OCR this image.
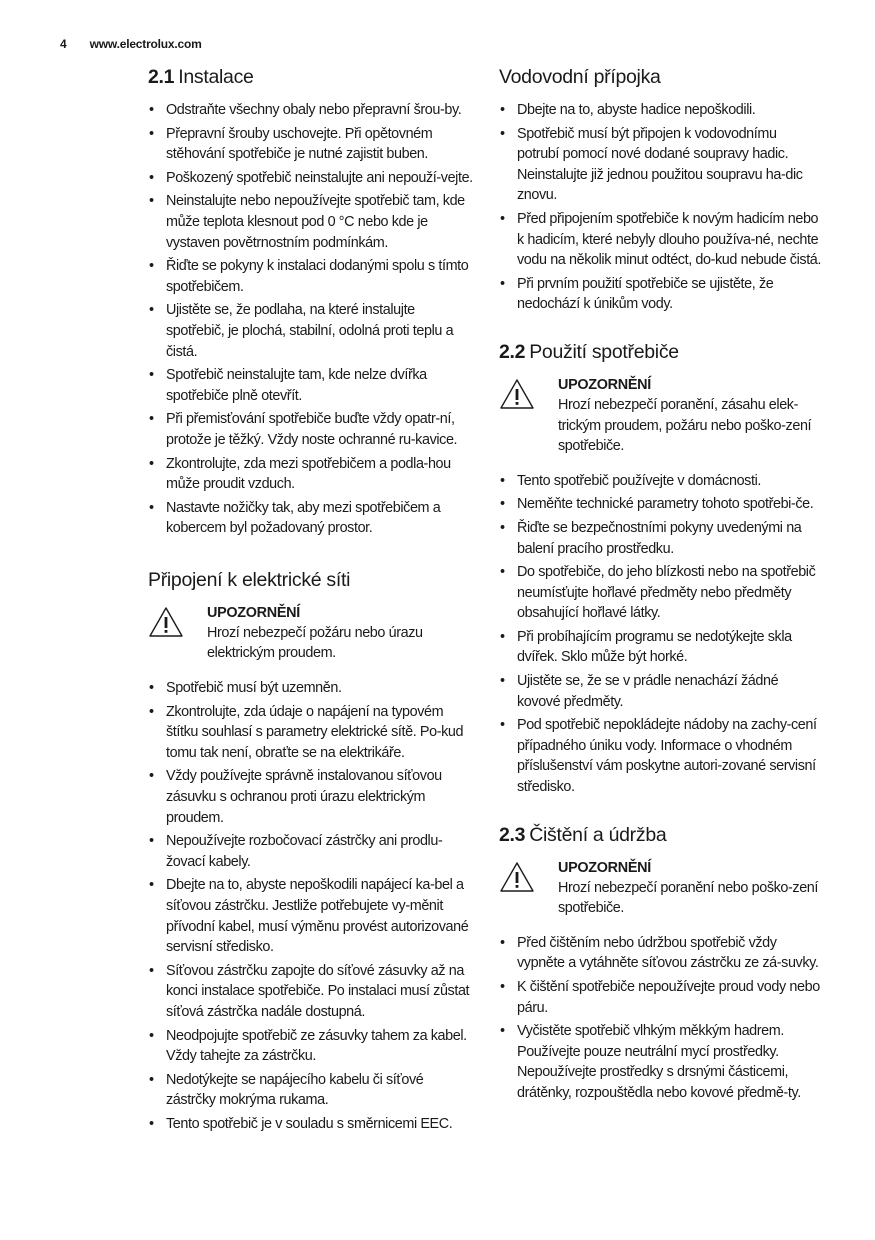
4 www.electrolux.com
2.1 Instalace
• Odstraňte všechny obaly nebo přepravní šrou-by.
• Přepravní šrouby uschovejte. Při opětovném stěhování spotřebiče je nutné zajistit buben.
• Poškozený spotřebič neinstalujte ani nepouží-vejte.
• Neinstalujte nebo nepoužívejte spotřebič tam, kde může teplota klesnout pod 0 °C nebo kde je vystaven povětrnostním podmínkám.
• Řiďte se pokyny k instalaci dodanými spolu s tímto spotřebičem.
• Ujistěte se, že podlaha, na které instalujte spotřebič, je plochá, stabilní, odolná proti teplu a čistá.
• Spotřebič neinstalujte tam, kde nelze dvířka spotřebiče plně otevřít.
• Při přemisťování spotřebiče buďte vždy opatr-ní, protože je těžký. Vždy noste ochranné ru-kavice.
• Zkontrolujte, zda mezi spotřebičem a podla-hou může proudit vzduch.
• Nastavte nožičky tak, aby mezi spotřebičem a kobercem byl požadovaný prostor.
Připojení k elektrické síti
UPOZORNĚNÍ
Hrozí nebezpečí požáru nebo úrazu elektrickým proudem.
• Spotřebič musí být uzemněn.
• Zkontrolujte, zda údaje o napájení na typovém štítku souhlasí s parametry elektrické sítě. Po-kud tomu tak není, obraťte se na elektrikáře.
• Vždy používejte správně instalovanou síťovou zásuvku s ochranou proti úrazu elektrickým proudem.
• Nepoužívejte rozbočovací zástrčky ani prodlu-žovací kabely.
• Dbejte na to, abyste nepoškodili napájecí ka-bel a síťovou zástrčku. Jestliže potřebujete vy-měnit přívodní kabel, musí výměnu provést autorizované servisní středisko.
• Síťovou zástrčku zapojte do síťové zásuvky až na konci instalace spotřebiče. Po instalaci musí zůstat síťová zástrčka nadále dostupná.
• Neodpojujte spotřebič ze zásuvky tahem za kabel. Vždy tahejte za zástrčku.
• Nedotýkejte se napájecího kabelu či síťové zástrčky mokrýma rukama.
• Tento spotřebič je v souladu s směrnicemi EEC.
Vodovodní přípojka
• Dbejte na to, abyste hadice nepoškodili.
• Spotřebič musí být připojen k vodovodnímu potrubí pomocí nové dodané soupravy hadic. Neinstalujte již jednou použitou soupravu ha-dic znovu.
• Před připojením spotřebiče k novým hadicím nebo k hadicím, které nebyly dlouho používa-né, nechte vodu na několik minut odtéct, do-kud nebude čistá.
• Při prvním použití spotřebiče se ujistěte, že nedochází k únikům vody.
2.2 Použití spotřebiče
UPOZORNĚNÍ
Hrozí nebezpečí poranění, zásahu elek-trickým proudem, požáru nebo poško-zení spotřebiče.
• Tento spotřebič používejte v domácnosti.
• Neměňte technické parametry tohoto spotřebi-če.
• Řiďte se bezpečnostními pokyny uvedenými na balení pracího prostředku.
• Do spotřebiče, do jeho blízkosti nebo na spotřebič neumísťujte hořlavé předměty nebo předměty obsahující hořlavé látky.
• Při probíhajícím programu se nedotýkejte skla dvířek. Sklo může být horké.
• Ujistěte se, že se v prádle nenachází žádné kovové předměty.
• Pod spotřebič nepokládejte nádoby na zachy-cení případného úniku vody. Informace o vhodném příslušenství vám poskytne autori-zované servisní středisko.
2.3 Čištění a údržba
UPOZORNĚNÍ
Hrozí nebezpečí poranění nebo poško-zení spotřebiče.
• Před čištěním nebo údržbou spotřebič vždy vypněte a vytáhněte síťovou zástrčku ze zá-suvky.
• K čištění spotřebiče nepoužívejte proud vody nebo páru.
• Vyčistěte spotřebič vlhkým měkkým hadrem. Používejte pouze neutrální mycí prostředky. Nepoužívejte prostředky s drsnými částicemi, drátěnky, rozpouštědla nebo kovové předmě-ty.
